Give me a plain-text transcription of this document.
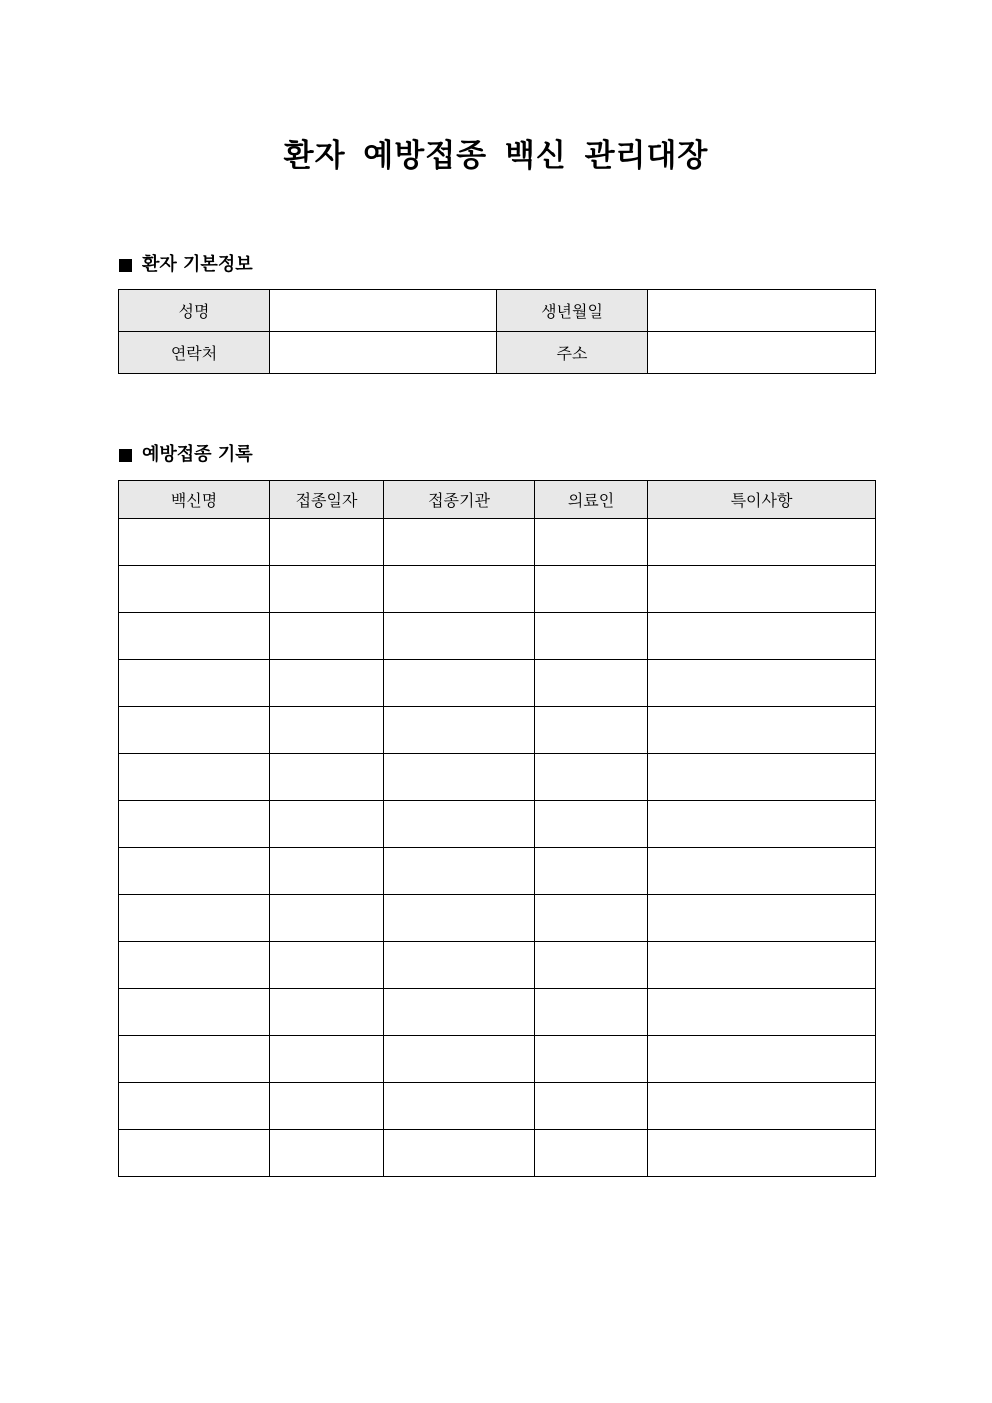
환자 예방접종 백신 관리대장
환자 기본정보
성명		생년월일	
연락처		주소	
예방접종 기록
백신명	접종일자	접종기관	의료인	특이사항
